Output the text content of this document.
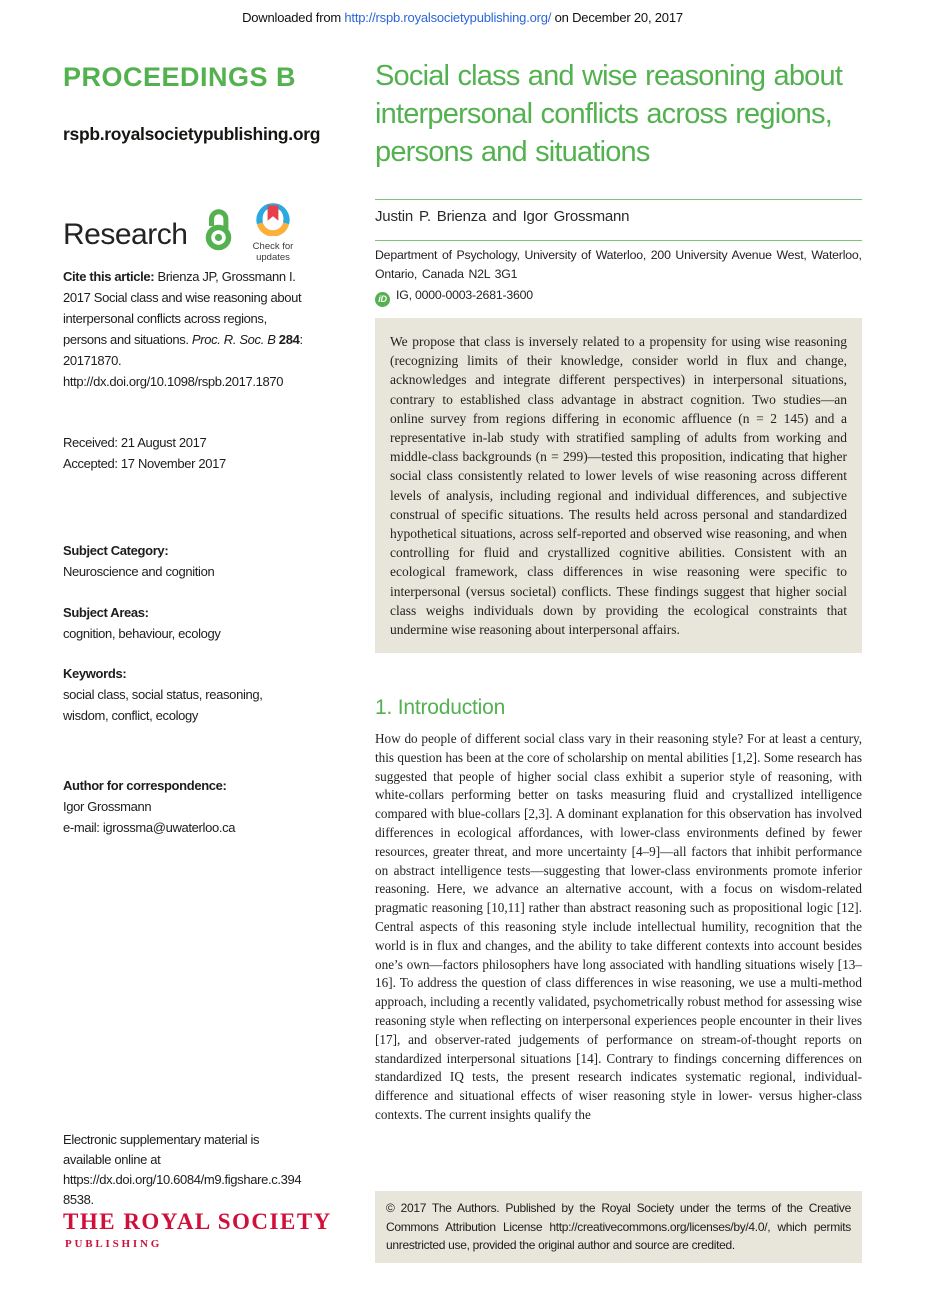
Downloaded from http://rspb.royalsocietypublishing.org/ on December 20, 2017
PROCEEDINGS B
rspb.royalsocietypublishing.org
Research	Check for
updates
Cite this article: Brienza JP, Grossmann I. 2017 Social class and wise reasoning about interpersonal conflicts across regions, persons and situations. Proc. R. Soc. B 284: 20171870.
http://dx.doi.org/10.1098/rspb.2017.1870
Received: 21 August 2017
Accepted: 17 November 2017
Subject Category:
Neuroscience and cognition
Subject Areas:
cognition, behaviour, ecology
Keywords:
social class, social status, reasoning, wisdom, conflict, ecology
Author for correspondence:
Igor Grossmann
e-mail: igrossma@uwaterloo.ca
Electronic supplementary material is available online at https://dx.doi.org/10.6084/m9.figshare.c.3948538.
THE ROYAL SOCIETY
PUBLISHING
Social class and wise reasoning about interpersonal conflicts across regions, persons and situations
Justin P. Brienza and Igor Grossmann
Department of Psychology, University of Waterloo, 200 University Avenue West, Waterloo, Ontario, Canada N2L 3G1
iD IG, 0000-0003-2681-3600
We propose that class is inversely related to a propensity for using wise reasoning (recognizing limits of their knowledge, consider world in flux and change, acknowledges and integrate different perspectives) in interpersonal situations, contrary to established class advantage in abstract cognition. Two studies—an online survey from regions differing in economic affluence (n = 2 145) and a representative in-lab study with stratified sampling of adults from working and middle-class backgrounds (n = 299)—tested this proposition, indicating that higher social class consistently related to lower levels of wise reasoning across different levels of analysis, including regional and individual differences, and subjective construal of specific situations. The results held across personal and standardized hypothetical situations, across self-reported and observed wise reasoning, and when controlling for fluid and crystallized cognitive abilities. Consistent with an ecological framework, class differences in wise reasoning were specific to interpersonal (versus societal) conflicts. These findings suggest that higher social class weighs individuals down by providing the ecological constraints that undermine wise reasoning about interpersonal affairs.
1. Introduction
How do people of different social class vary in their reasoning style? For at least a century, this question has been at the core of scholarship on mental abilities [1,2]. Some research has suggested that people of higher social class exhibit a superior style of reasoning, with white-collars performing better on tasks measuring fluid and crystallized intelligence compared with blue-collars [2,3]. A dominant explanation for this observation has involved differences in ecological affordances, with lower-class environments defined by fewer resources, greater threat, and more uncertainty [4–9]—all factors that inhibit performance on abstract intelligence tests—suggesting that lower-class environments promote inferior reasoning. Here, we advance an alternative account, with a focus on wisdom-related pragmatic reasoning [10,11] rather than abstract reasoning such as propositional logic [12]. Central aspects of this reasoning style include intellectual humility, recognition that the world is in flux and changes, and the ability to take different contexts into account besides one’s own—factors philosophers have long associated with handling situations wisely [13–16]. To address the question of class differences in wise reasoning, we use a multi-method approach, including a recently validated, psychometrically robust method for assessing wise reasoning style when reflecting on interpersonal experiences people encounter in their lives [17], and observer-rated judgements of performance on stream-of-thought reports on standardized interpersonal situations [14]. Contrary to findings concerning differences on standardized IQ tests, the present research indicates systematic regional, individual-difference and situational effects of wiser reasoning style in lower- versus higher-class contexts. The current insights qualify the
© 2017 The Authors. Published by the Royal Society under the terms of the Creative Commons Attribution License http://creativecommons.org/licenses/by/4.0/, which permits unrestricted use, provided the original author and source are credited.
